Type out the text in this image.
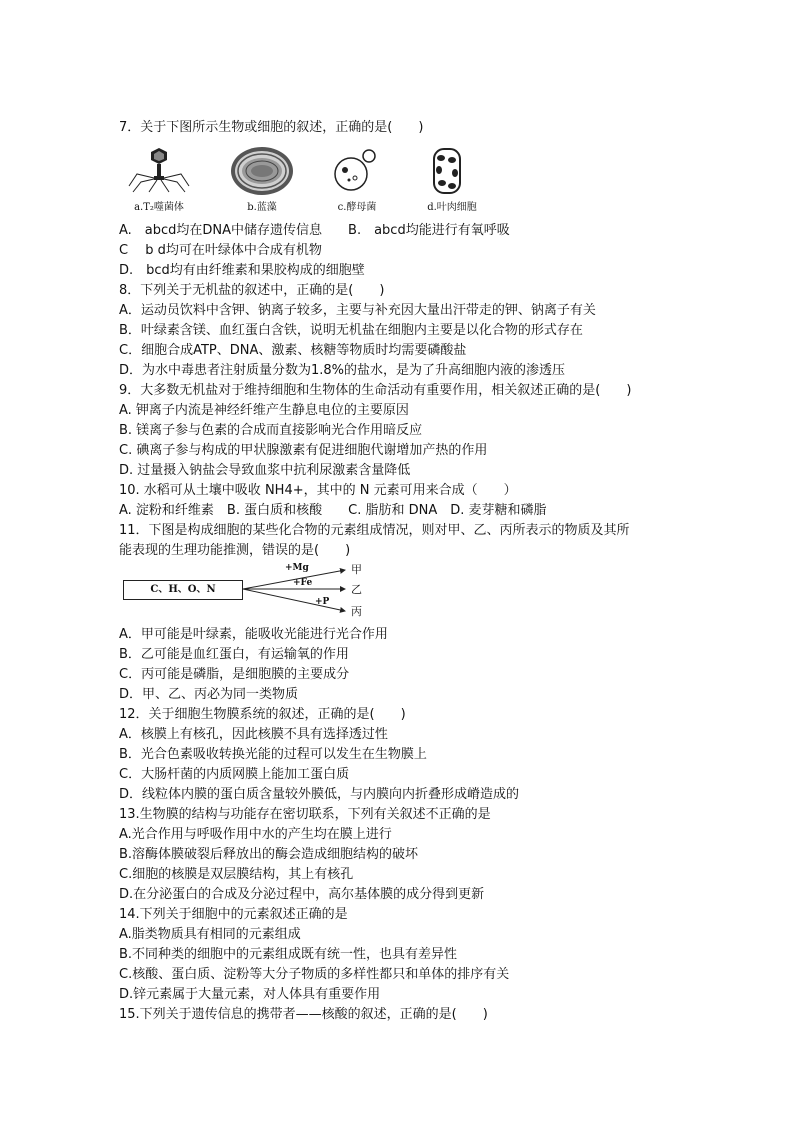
7．关于下图所示生物或细胞的叙述，正确的是(　　)
a.T₂噬菌体	b.蓝藻	c.酵母菌	d.叶肉细胞
A.　abcd均在DNA中储存遗传信息　　B.　abcd均能进行有氧呼吸
C　 b d均可在叶绿体中合成有机物
D.　bcd均有由纤维素和果胶构成的细胞壁
8．下列关于无机盐的叙述中，正确的是(　　)
A．运动员饮料中含钾、钠离子较多，主要与补充因大量出汗带走的钾、钠离子有关
B．叶绿素含镁、血红蛋白含铁，说明无机盐在细胞内主要是以化合物的形式存在
C．细胞合成ATP、DNA、激素、核糖等物质时均需要磷酸盐
D．为水中毒患者注射质量分数为1.8%的盐水，是为了升高细胞内液的渗透压
9．大多数无机盐对于维持细胞和生物体的生命活动有重要作用，相关叙述正确的是(　　)
A. 钾离子内流是神经纤维产生静息电位的主要原因
B. 镁离子参与色素的合成而直接影响光合作用暗反应
C. 碘离子参与构成的甲状腺激素有促进细胞代谢增加产热的作用
D. 过量摄入钠盐会导致血浆中抗利尿激素含量降低
10. 水稻可从土壤中吸收 NH4+，其中的 N 元素可用来合成（　　）
A. 淀粉和纤维素　B. 蛋白质和核酸　　C. 脂肪和 DNA　D. 麦芽糖和磷脂
11．下图是构成细胞的某些化合物的元素组成情况，则对甲、乙、丙所表示的物质及其所
能表现的生理功能推测，错误的是(　　)
C、H、O、N
+Mg
+Fe
+P
甲
乙
丙
A．甲可能是叶绿素，能吸收光能进行光合作用
B．乙可能是血红蛋白，有运输氧的作用
C．丙可能是磷脂，是细胞膜的主要成分
D．甲、乙、丙必为同一类物质
12．关于细胞生物膜系统的叙述，正确的是(　　)
A．核膜上有核孔，因此核膜不具有选择透过性
B．光合色素吸收转换光能的过程可以发生在生物膜上
C．大肠杆菌的内质网膜上能加工蛋白质
D．线粒体内膜的蛋白质含量较外膜低，与内膜向内折叠形成嵴造成的
13.生物膜的结构与功能存在密切联系，下列有关叙述不正确的是
A.光合作用与呼吸作用中水的产生均在膜上进行
B.溶酶体膜破裂后释放出的酶会造成细胞结构的破坏
C.细胞的核膜是双层膜结构，其上有核孔
D.在分泌蛋白的合成及分泌过程中，高尔基体膜的成分得到更新
14.下列关于细胞中的元素叙述正确的是
A.脂类物质具有相同的元素组成
B.不同种类的细胞中的元素组成既有统一性，也具有差异性
C.核酸、蛋白质、淀粉等大分子物质的多样性都只和单体的排序有关
D.锌元素属于大量元素，对人体具有重要作用
15.下列关于遗传信息的携带者——核酸的叙述，正确的是(　　)
